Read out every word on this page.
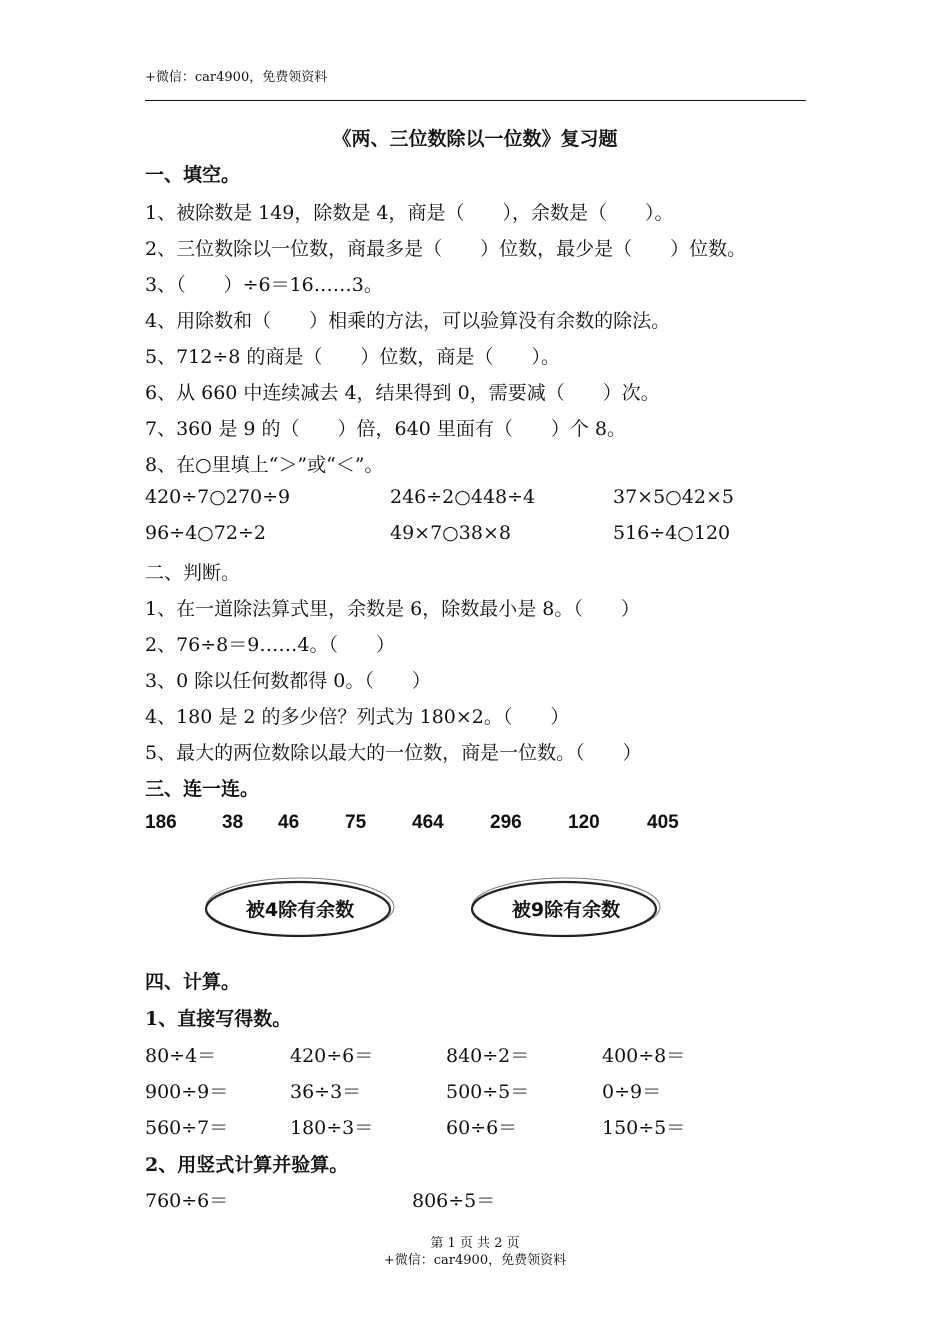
+微信：car4900，免费领资料
《两、三位数除以一位数》复习题
一、填空。
1、被除数是 149，除数是 4，商是（　　），余数是（　　）。
2、三位数除以一位数，商最多是（　　）位数，最少是（　　）位数。
3、（　　）÷6＝16……3。
4、用除数和（　　）相乘的方法，可以验算没有余数的除法。
5、712÷8 的商是（　　）位数，商是（　　）。
6、从 660 中连续减去 4，结果得到 0，需要减（　　）次。
7、360 是 9 的（　　）倍，640 里面有（　　）个 8。
8、在○里填上“＞”或“＜”。
420÷7○270÷9	246÷2○448÷4	37×5○42×5
96÷4○72÷2	49×7○38×8	516÷4○120
二、判断。
1、在一道除法算式里，余数是 6，除数最小是 8。（　　）
2、76÷8＝9……4。（　　）
3、0 除以任何数都得 0。（　　）
4、180 是 2 的多少倍？列式为 180×2。（　　）
5、最大的两位数除以最大的一位数，商是一位数。（　　）
三、连一连。
186 38 46 75 464 296 120 405
被4除有余数	被9除有余数
四、计算。
1、直接写得数。
80÷4＝	420÷6＝	840÷2＝	400÷8＝
900÷9＝	36÷3＝	500÷5＝	0÷9＝
560÷7＝	180÷3＝	60÷6＝	150÷5＝
2、用竖式计算并验算。
760÷6＝	806÷5＝
第 1 页 共 2 页
+微信：car4900，免费领资料
